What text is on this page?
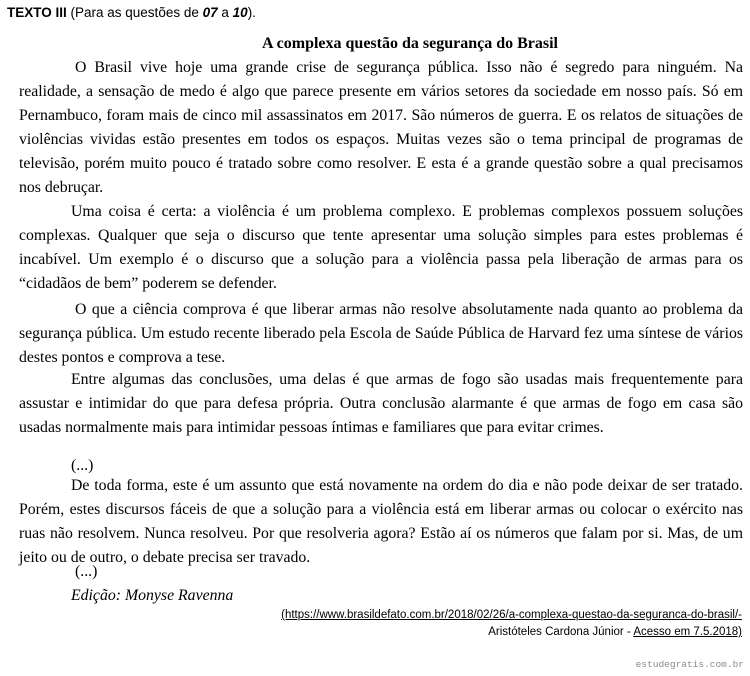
TEXTO III (Para as questões de 07 a 10).
A complexa questão da segurança do Brasil
O Brasil vive hoje uma grande crise de segurança pública. Isso não é segredo para ninguém. Na realidade, a sensação de medo é algo que parece presente em vários setores da sociedade em nosso país. Só em Pernambuco, foram mais de cinco mil assassinatos em 2017. São números de guerra. E os relatos de situações de violências vividas estão presentes em todos os espaços. Muitas vezes são o tema principal de programas de televisão, porém muito pouco é tratado sobre como resolver. E esta é a grande questão sobre a qual precisamos nos debruçar.
Uma coisa é certa: a violência é um problema complexo. E problemas complexos possuem soluções complexas. Qualquer que seja o discurso que tente apresentar uma solução simples para estes problemas é incabível. Um exemplo é o discurso que a solução para a violência passa pela liberação de armas para os “cidadãos de bem” poderem se defender.
O que a ciência comprova é que liberar armas não resolve absolutamente nada quanto ao problema da segurança pública. Um estudo recente liberado pela Escola de Saúde Pública de Harvard fez uma síntese de vários destes pontos e comprova a tese.
Entre algumas das conclusões, uma delas é que armas de fogo são usadas mais frequentemente para assustar e intimidar do que para defesa própria. Outra conclusão alarmante é que armas de fogo em casa são usadas normalmente mais para intimidar pessoas íntimas e familiares que para evitar crimes.
(...)
De toda forma, este é um assunto que está novamente na ordem do dia e não pode deixar de ser tratado. Porém, estes discursos fáceis de que a solução para a violência está em liberar armas ou colocar o exército nas ruas não resolvem. Nunca resolveu. Por que resolveria agora? Estão aí os números que falam por si. Mas, de um jeito ou de outro, o debate precisa ser travado.
(...)
Edição: Monyse Ravenna
(https://www.brasildefato.com.br/2018/02/26/a-complexa-questao-da-seguranca-do-brasil/-
Aristóteles Cardona Júnior - Acesso em 7.5.2018)
estudegratis.com.br
